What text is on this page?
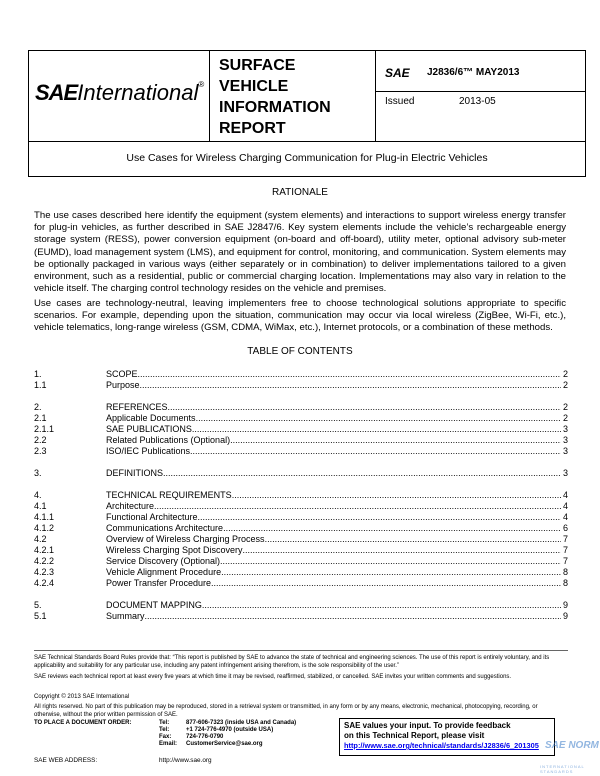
SAEInternational®
SURFACE
VEHICLE
INFORMATION
REPORT
SAE J2836/6™ MAY2013
Issued	2013-05
Use Cases for Wireless Charging Communication for Plug-in Electric Vehicles
RATIONALE
The use cases described here identify the equipment (system elements) and interactions to support wireless energy transfer for plug-in vehicles, as further described in SAE J2847/6. Key system elements include the vehicle’s rechargeable energy storage system (RESS), power conversion equipment (on-board and off-board), utility meter, optional advisory sub-meter (EUMD), load management system (LMS), and equipment for control, monitoring, and communication. System elements may be optionally packaged in various ways (either separately or in combination) to deliver implementations tailored to a given environment, such as a residential, public or commercial charging location. Implementations may also vary in relation to the vehicle itself. The charging control technology resides on the vehicle and premises.
Use cases are technology-neutral, leaving implementers free to choose technological solutions appropriate to specific scenarios. For example, depending upon the situation, communication may occur via local wireless (ZigBee, Wi-Fi, etc.), vehicle telematics, long-range wireless (GSM, CDMA, WiMax, etc.), Internet protocols, or a combination of these methods.
TABLE OF CONTENTS
1.	SCOPE .....	2
1.1	Purpose .....	2
2.	REFERENCES .....	2
2.1	Applicable Documents .....	2
2.1.1	SAE PUBLICATIONS .....	3
2.2	Related Publications (Optional) .....	3
2.3	ISO/IEC Publications .....	3
3.	DEFINITIONS .....	3
4.	TECHNICAL REQUIREMENTS .....	4
4.1	Architecture .....	4
4.1.1	Functional Architecture .....	4
4.1.2	Communications Architecture .....	6
4.2	Overview of Wireless Charging Process .....	7
4.2.1	Wireless Charging Spot Discovery .....	7
4.2.2	Service Discovery (Optional) .....	7
4.2.3	Vehicle Alignment Procedure .....	8
4.2.4	Power Transfer Procedure .....	8
5.	DOCUMENT MAPPING .....	9
5.1	Summary .....	9
SAE Technical Standards Board Rules provide that: “This report is published by SAE to advance the state of technical and engineering sciences. The use of this report is entirely voluntary, and its applicability and suitability for any particular use, including any patent infringement arising therefrom, is the sole responsibility of the user.”
SAE reviews each technical report at least every five years at which time it may be revised, reaffirmed, stabilized, or cancelled. SAE invites your written comments and suggestions.
Copyright © 2013 SAE International
All rights reserved. No part of this publication may be reproduced, stored in a retrieval system or transmitted, in any form or by any means, electronic, mechanical, photocopying, recording, or otherwise, without the prior written permission of SAE.
TO PLACE A DOCUMENT ORDER:	Tel:	877-606-7323 (inside USA and Canada)
Tel:	+1 724-776-4970 (outside USA)
Fax: 724-776-0790
Email: CustomerService@sae.org
SAE WEB ADDRESS:	http://www.sae.org
SAE values your input. To provide feedback
on this Technical Report, please visit
http://www.sae.org/technical/standards/J2836/6_201305 SAE NORM
INTERNATIONAL STANDARDS
